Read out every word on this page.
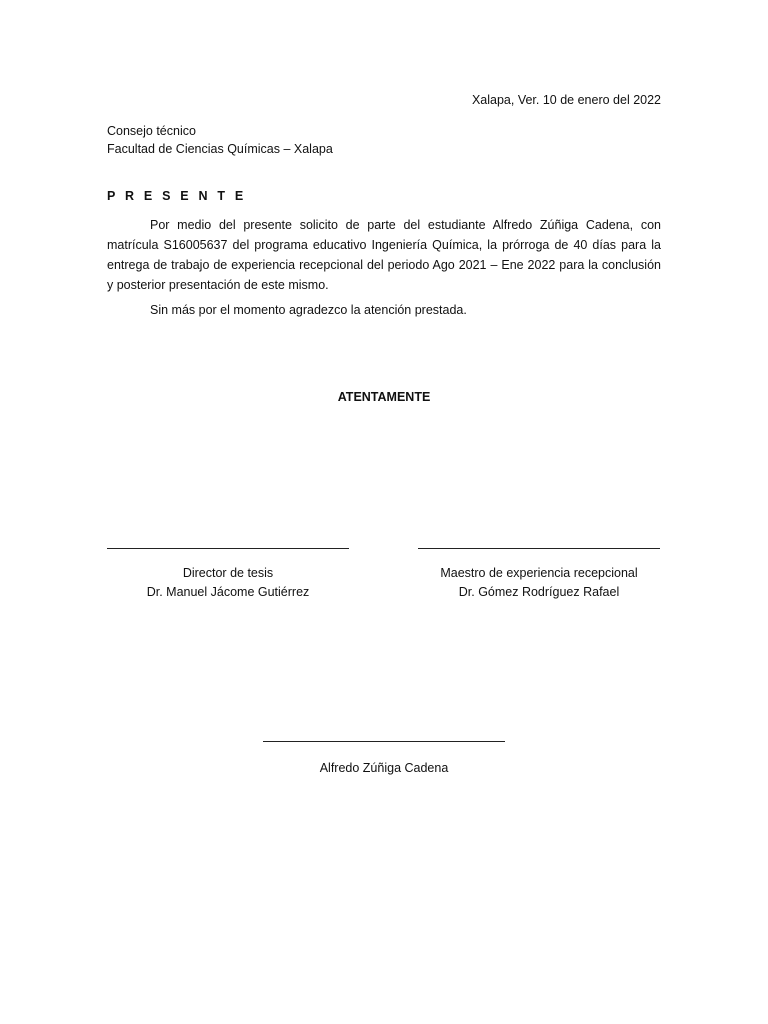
Xalapa, Ver. 10 de enero del 2022
Consejo técnico
Facultad de Ciencias Químicas – Xalapa
P R E S E N T E
Por medio del presente solicito de parte del estudiante Alfredo Zúñiga Cadena, con matrícula S16005637 del programa educativo Ingeniería Química, la prórroga de 40 días para la entrega de trabajo de experiencia recepcional del periodo Ago 2021 – Ene 2022 para la conclusión y posterior presentación de este mismo.
Sin más por el momento agradezco la atención prestada.
ATENTAMENTE
Director de tesis
Dr. Manuel Jácome Gutiérrez
Maestro de experiencia recepcional
Dr. Gómez Rodríguez Rafael
Alfredo Zúñiga Cadena
